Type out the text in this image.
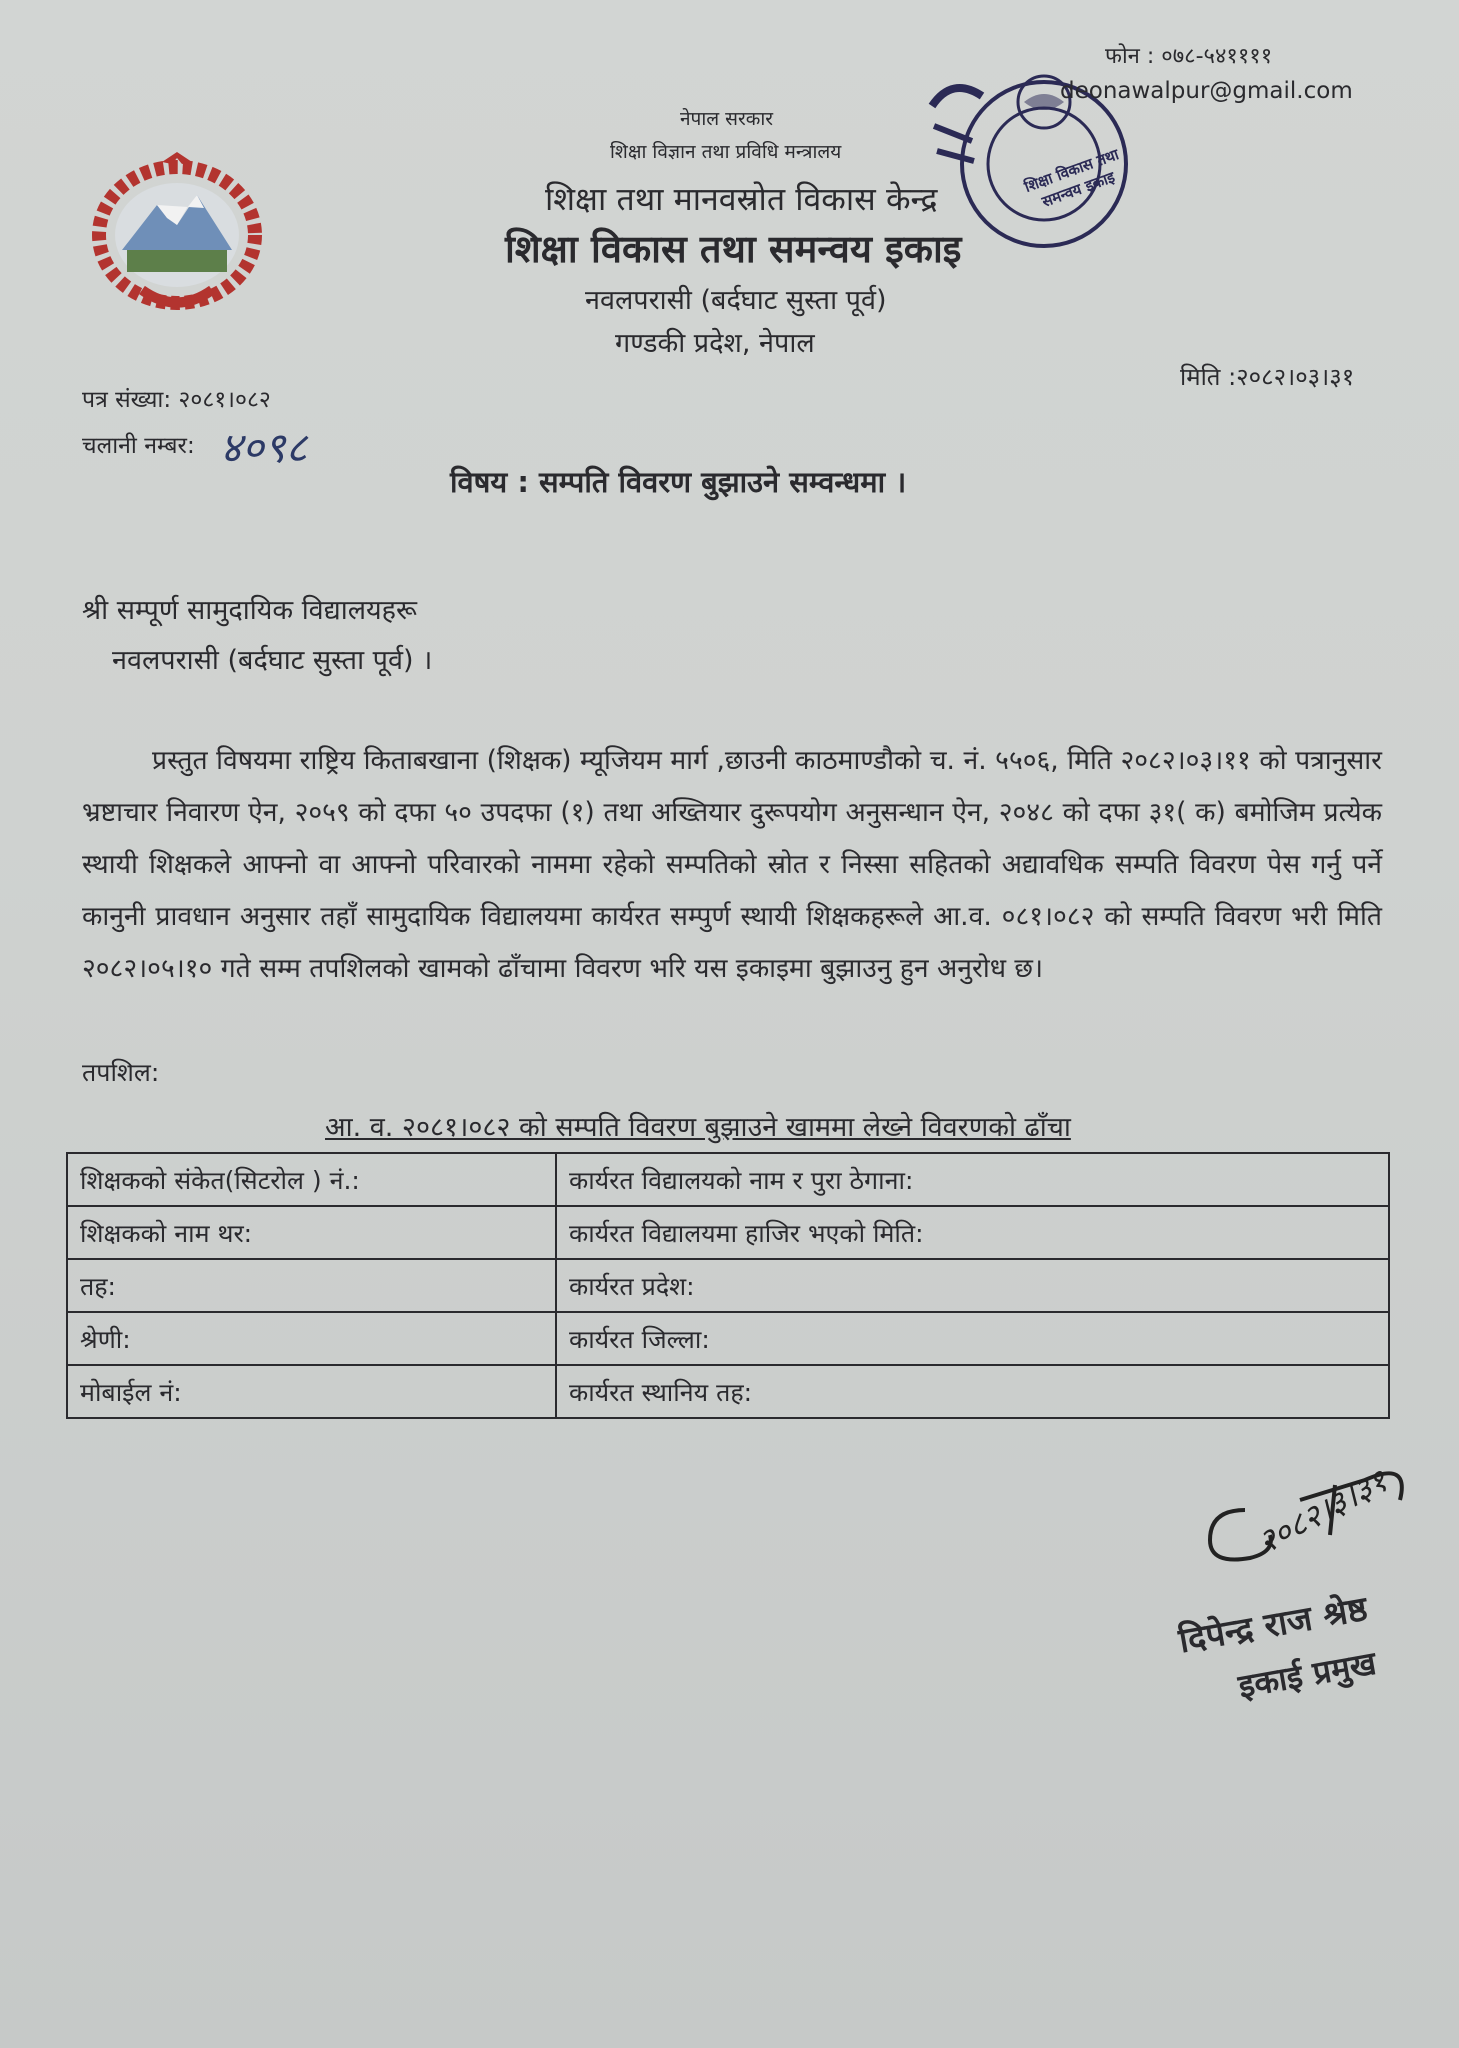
शिक्षा विकास तथा समन्वय इकाइ
फोन : ०७८-५४११११
deonawalpur@gmail.com
नेपाल सरकार
शिक्षा विज्ञान तथा प्रविधि मन्त्रालय
शिक्षा तथा मानवस्रोत विकास केन्द्र
शिक्षा विकास तथा समन्वय इकाइ
नवलपरासी (बर्दघाट सुस्ता पूर्व)
गण्डकी प्रदेश, नेपाल
मिति :२०८२।०३।३१
पत्र संख्या: २०८१।०८२
चलानी नम्बर: ४०९८
विषय : सम्पति विवरण बुझाउने सम्वन्धमा ।
श्री सम्पूर्ण सामुदायिक विद्यालयहरू
नवलपरासी (बर्दघाट सुस्ता पूर्व) ।
प्रस्तुत विषयमा राष्ट्रिय किताबखाना (शिक्षक) म्यूजियम मार्ग ,छाउनी काठमाण्डौको च. नं. ५५०६, मिति २०८२।०३।११ को पत्रानुसार भ्रष्टाचार निवारण ऐन, २०५९ को दफा ५० उपदफा (१) तथा अख्तियार दुरूपयोग अनुसन्धान ऐन, २०४८ को दफा ३१( क) बमोजिम प्रत्येक स्थायी शिक्षकले आफ्नो वा आफ्नो परिवारको नाममा रहेको सम्पतिको स्रोत र निस्सा सहितको अद्यावधिक सम्पति विवरण पेस गर्नु पर्ने कानुनी प्रावधान अनुसार तहाँ सामुदायिक विद्यालयमा कार्यरत सम्पुर्ण स्थायी शिक्षकहरूले आ.व. ०८१।०८२ को सम्पति विवरण भरी मिति २०८२।०५।१० गते सम्म तपशिलको खामको ढाँचामा विवरण भरि यस इकाइमा बुझाउनु हुन अनुरोध छ।
तपशिल:
आ. व. २०८१।०८२ को सम्पति विवरण बुझाउने खाममा लेख्ने विवरणको ढाँचा
शिक्षकको संकेत(सिटरोल ) नं.:	कार्यरत विद्यालयको नाम र पुरा ठेगाना:
शिक्षकको नाम थर:	कार्यरत विद्यालयमा हाजिर भएको मिति:
तह:	कार्यरत प्रदेश:
श्रेणी:	कार्यरत जिल्ला:
मोबाईल नं:	कार्यरत स्थानिय तह:
२०८२।३।३१
दिपेन्द्र राज श्रेष्ठ
इकाई प्रमुख
